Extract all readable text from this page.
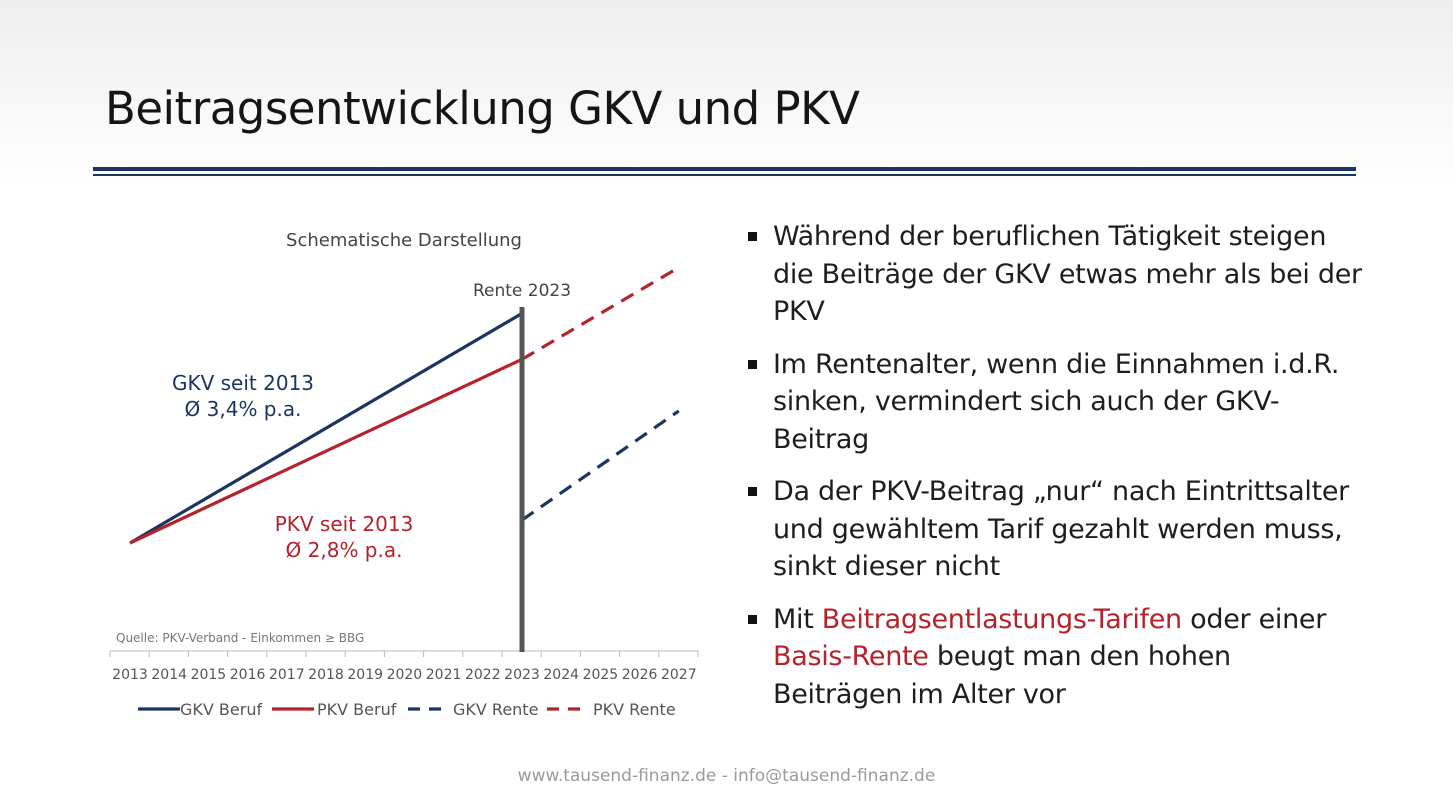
Beitragsentwicklung GKV und PKV
Schematische Darstellung
2013 2014 2015 2016 2017 2018 2019 2020 2021 2022 2023 2024 2025 2026 2027
Quelle: PKV-Verband - Einkommen ≥ BBG
Rente 2023
GKV seit 2013
Ø 3,4% p.a.
PKV seit 2013
Ø 2,8% p.a.
GKV Beruf	PKV Beruf	GKV Rente	PKV Rente
Während der beruflichen Tätigkeit steigen die Beiträge der GKV etwas mehr als bei der PKV
Im Rentenalter, wenn die Einnahmen i.d.R. sinken, vermindert sich auch der GKV-Beitrag
Da der PKV-Beitrag „nur“ nach Eintrittsalter und gewähltem Tarif gezahlt werden muss, sinkt dieser nicht
Mit Beitragsentlastungs-Tarifen oder einer Basis-Rente beugt man den hohen Beiträgen im Alter vor
www.tausend-finanz.de - info@tausend-finanz.de
